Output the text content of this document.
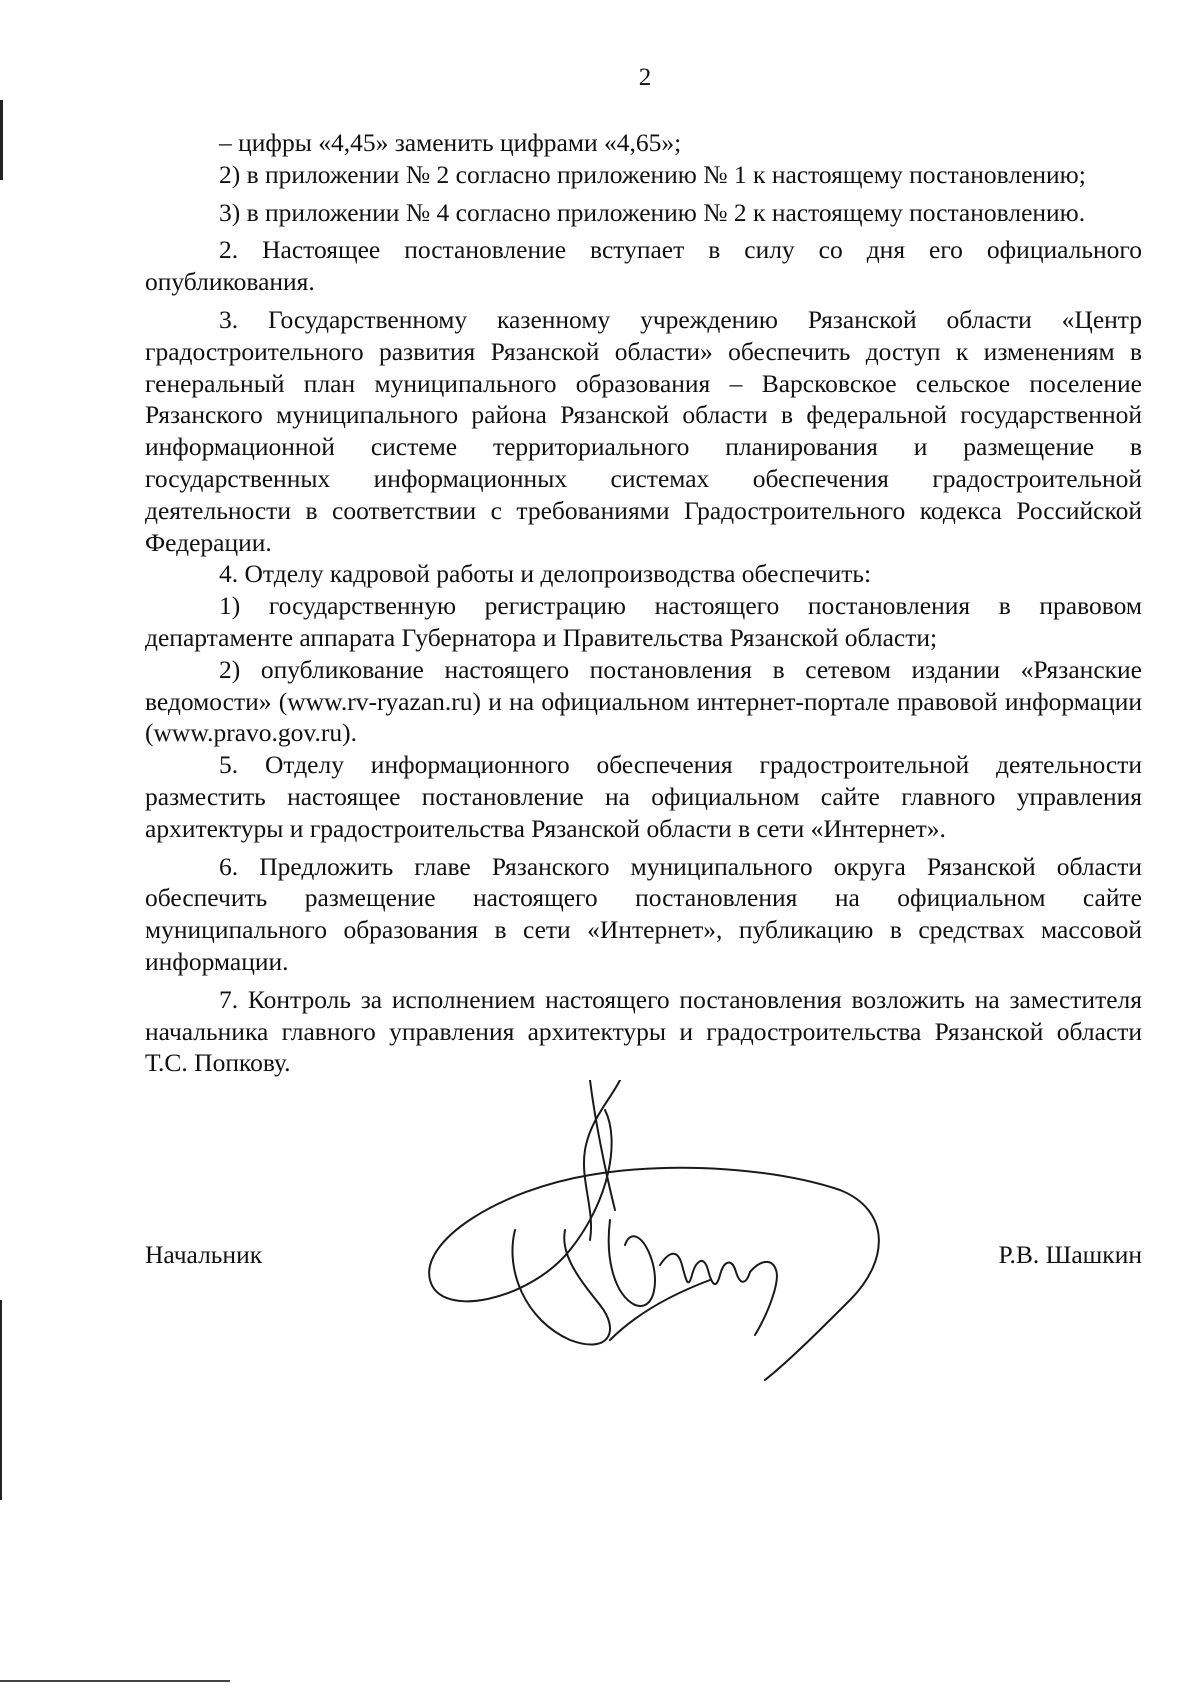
2

– цифры «4,45» заменить цифрами «4,65»;

2) в приложении № 2 согласно приложению № 1 к настоящему постановлению;

3) в приложении № 4 согласно приложению № 2 к настоящему постановлению.

2. Настоящее постановление вступает в силу со дня его официального опубликования.

3. Государственному казенному учреждению Рязанской области «Центр градостроительного развития Рязанской области» обеспечить доступ к изменениям в генеральный план муниципального образования – Варсковское сельское поселение Рязанского муниципального района Рязанской области в федеральной государственной информационной системе территориального планирования и размещение в государственных информационных системах обеспечения градостроительной деятельности в соответствии с требованиями Градостроительного кодекса Российской Федерации.

4. Отделу кадровой работы и делопроизводства обеспечить:

1) государственную регистрацию настоящего постановления в правовом департаменте аппарата Губернатора и Правительства Рязанской области;

2) опубликование настоящего постановления в сетевом издании «Рязанские ведомости» (www.rv-ryazan.ru) и на официальном интернет-портале правовой информации (www.pravo.gov.ru).

5. Отделу информационного обеспечения градостроительной деятельности разместить настоящее постановление на официальном сайте главного управления архитектуры и градостроительства Рязанской области в сети «Интернет».

6. Предложить главе Рязанского муниципального округа Рязанской области обеспечить размещение настоящего постановления на официальном сайте муниципального образования в сети «Интернет», публикацию в средствах массовой информации.

7. Контроль за исполнением настоящего постановления возложить на заместителя начальника главного управления архитектуры и градостроительства Рязанской области Т.С. Попкову.

Начальник	Р.В. Шашкин
